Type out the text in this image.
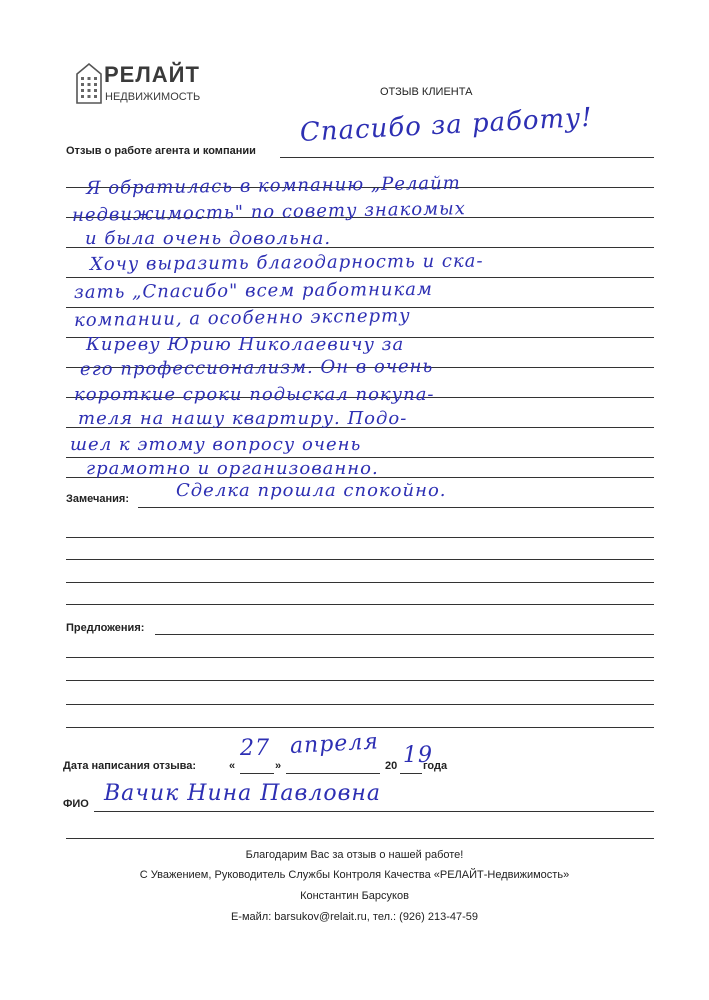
РЕЛАЙТ
НЕДВИЖИМОСТЬ	ОТЗЫВ КЛИЕНТА
Отзыв о работе агента и компании
Спасибо за работу!
Я обратилась в компанию „Релайт
недвижимость" по совету знакомых
и была очень довольна.
Хочу выразить благодарность и ска-
зать „Спасибо" всем работникам
компании, а особенно эксперту
Киреву Юрию Николаевичу за
его профессионализм. Он в очень
короткие сроки подыскал покупа-
теля на нашу квартиру. Подо-
шел к этому вопросу очень
грамотно и организованно.
Сделка прошла спокойно.
Замечания:
Предложения:
Дата написания отзыва:	«
27
»
апреля
20 19
года
ФИО Вачик Нина Павловна
Благодарим Вас за отзыв о нашей работе!
С Уважением, Руководитель Службы Контроля Качества «РЕЛАЙТ-Недвижимость»
Константин Барсуков
Е-майл: barsukov@relait.ru, тел.: (926) 213-47-59
